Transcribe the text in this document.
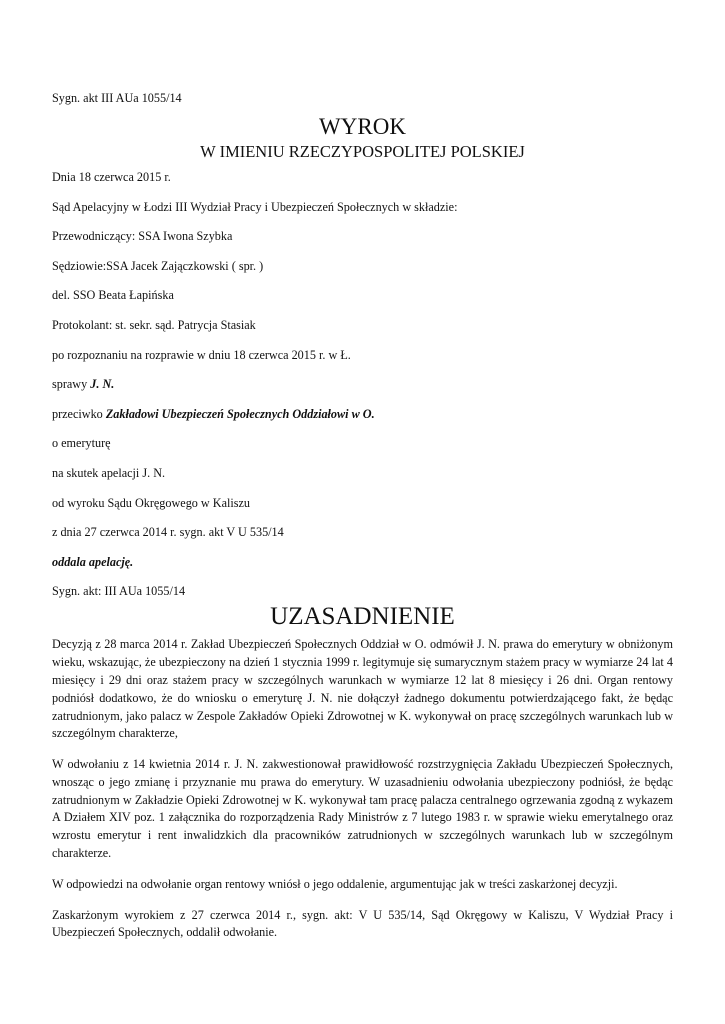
Sygn. akt III AUa 1055/14

WYROK

W IMIENIU RZECZYPOSPOLITEJ POLSKIEJ

Dnia 18 czerwca 2015 r.

Sąd Apelacyjny w Łodzi III Wydział Pracy i Ubezpieczeń Społecznych w składzie:

Przewodniczący: SSA Iwona Szybka

Sędziowie:SSA Jacek Zajączkowski ( spr. )

del. SSO Beata Łapińska

Protokolant: st. sekr. sąd. Patrycja Stasiak

po rozpoznaniu na rozprawie w dniu 18 czerwca 2015 r. w Ł.

sprawy J. N.

przeciwko Zakładowi Ubezpieczeń Społecznych Oddziałowi w O.

o emeryturę

na skutek apelacji J. N.

od wyroku Sądu Okręgowego w Kaliszu

z dnia 27 czerwca 2014 r. sygn. akt V U 535/14

oddala apelację.

Sygn. akt: III AUa 1055/14

UZASADNIENIE

Decyzją z 28 marca 2014 r. Zakład Ubezpieczeń Społecznych Oddział w O. odmówił J. N. prawa do emerytury w obniżonym wieku, wskazując, że ubezpieczony na dzień 1 stycznia 1999 r. legitymuje się sumarycznym stażem pracy w wymiarze 24 lat 4 miesięcy i 29 dni oraz stażem pracy w szczególnych warunkach w wymiarze 12 lat 8 miesięcy i 26 dni. Organ rentowy podniósł dodatkowo, że do wniosku o emeryturę J. N. nie dołączył żadnego dokumentu potwierdzającego fakt, że będąc zatrudnionym, jako palacz w Zespole Zakładów Opieki Zdrowotnej w K. wykonywał on pracę szczególnych warunkach lub w szczególnym charakterze,

W odwołaniu z 14 kwietnia 2014 r. J. N. zakwestionował prawidłowość rozstrzygnięcia Zakładu Ubezpieczeń Społecznych, wnosząc o jego zmianę i przyznanie mu prawa do emerytury. W uzasadnieniu odwołania ubezpieczony podniósł, że będąc zatrudnionym w Zakładzie Opieki Zdrowotnej w K. wykonywał tam pracę palacza centralnego ogrzewania zgodną z wykazem A Działem XIV poz. 1 załącznika do rozporządzenia Rady Ministrów z 7 lutego 1983 r. w sprawie wieku emerytalnego oraz wzrostu emerytur i rent inwalidzkich dla pracowników zatrudnionych w szczególnych warunkach lub w szczególnym charakterze.

W odpowiedzi na odwołanie organ rentowy wniósł o jego oddalenie, argumentując jak w treści zaskarżonej decyzji.

Zaskarżonym wyrokiem z 27 czerwca 2014 r., sygn. akt: V U 535/14, Sąd Okręgowy w Kaliszu, V Wydział Pracy i Ubezpieczeń Społecznych, oddalił odwołanie.
